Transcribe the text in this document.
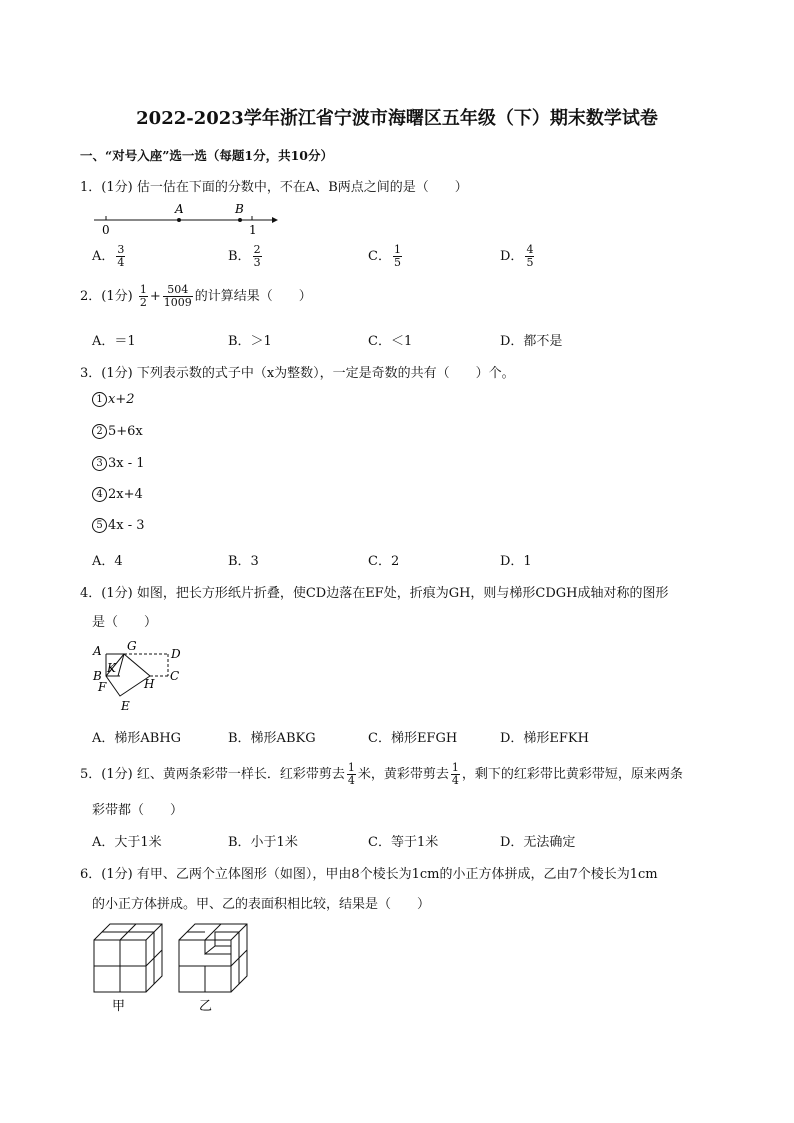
2022-2023学年浙江省宁波市海曙区五年级（下）期末数学试卷
一、“对号入座”选一选（每题1分，共10分）
1．(1分) 估一估在下面的分数中，不在A、B两点之间的是（　　）
A	B
0	1
A． $\frac{3}{4}$	B． $\frac{2}{3}$	C． $\frac{1}{5}$	D． $\frac{4}{5}$
2．(1分) $\frac{1}{2} + \frac{504}{1009}$ 的计算结果（　　）
A．＝1	B．＞1	C．＜1	D．都不是
3．(1分) 下列表示数的式子中（x为整数），一定是奇数的共有（　　）个。
1 x+2
2 5+6x
3 3x - 1
4 2x+4
5 4x - 3
A．4	B．3	C．2	D．1
4．(1分) 如图，把长方形纸片折叠，使CD边落在EF处，折痕为GH，则与梯形CDGH成轴对称的图形
是（　　）
A G
D
K
B	C
F	H
E
A．梯形ABHG	B．梯形ABKG	C．梯形EFGH	D．梯形EFKH
5．(1分) 红、黄两条彩带一样长．红彩带剪去 $\frac{1}{4}$ 米，黄彩带剪去 $\frac{1}{4}$ ，剩下的红彩带比黄彩带短，原来两条
彩带都（　　）
A．大于1米	B．小于1米	C．等于1米	D．无法确定
6．(1分) 有甲、乙两个立体图形（如图），甲由8个棱长为1cm的小正方体拼成，乙由7个棱长为1cm
的小正方体拼成。甲、乙的表面积相比较，结果是（　　）
甲	乙
